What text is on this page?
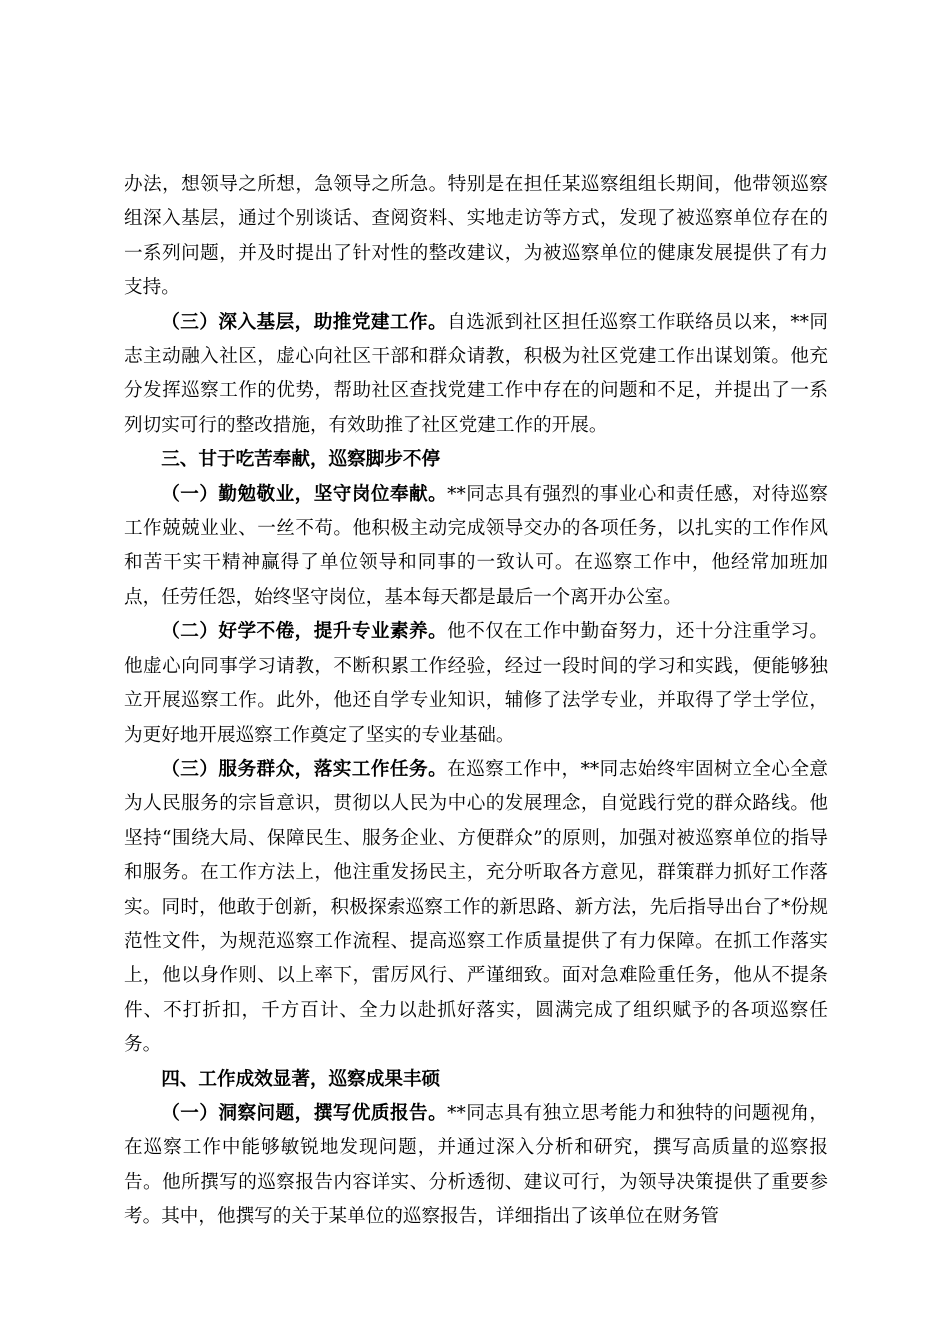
办法，想领导之所想，急领导之所急。特别是在担任某巡察组组长期间，他带领巡察组深入基层，通过个别谈话、查阅资料、实地走访等方式，发现了被巡察单位存在的一系列问题，并及时提出了针对性的整改建议，为被巡察单位的健康发展提供了有力支持。

（三）深入基层，助推党建工作。自选派到社区担任巡察工作联络员以来，**同志主动融入社区，虚心向社区干部和群众请教，积极为社区党建工作出谋划策。他充分发挥巡察工作的优势，帮助社区查找党建工作中存在的问题和不足，并提出了一系列切实可行的整改措施，有效助推了社区党建工作的开展。

三、甘于吃苦奉献，巡察脚步不停

（一）勤勉敬业，坚守岗位奉献。**同志具有强烈的事业心和责任感，对待巡察工作兢兢业业、一丝不苟。他积极主动完成领导交办的各项任务，以扎实的工作作风和苦干实干精神赢得了单位领导和同事的一致认可。在巡察工作中，他经常加班加点，任劳任怨，始终坚守岗位，基本每天都是最后一个离开办公室。

（二）好学不倦，提升专业素养。他不仅在工作中勤奋努力，还十分注重学习。他虚心向同事学习请教，不断积累工作经验，经过一段时间的学习和实践，便能够独立开展巡察工作。此外，他还自学专业知识，辅修了法学专业，并取得了学士学位，为更好地开展巡察工作奠定了坚实的专业基础。

（三）服务群众，落实工作任务。在巡察工作中，**同志始终牢固树立全心全意为人民服务的宗旨意识，贯彻以人民为中心的发展理念，自觉践行党的群众路线。他坚持“围绕大局、保障民生、服务企业、方便群众”的原则，加强对被巡察单位的指导和服务。在工作方法上，他注重发扬民主，充分听取各方意见，群策群力抓好工作落实。同时，他敢于创新，积极探索巡察工作的新思路、新方法，先后指导出台了*份规范性文件，为规范巡察工作流程、提高巡察工作质量提供了有力保障。在抓工作落实上，他以身作则、以上率下，雷厉风行、严谨细致。面对急难险重任务，他从不提条件、不打折扣，千方百计、全力以赴抓好落实，圆满完成了组织赋予的各项巡察任务。

四、工作成效显著，巡察成果丰硕

（一）洞察问题，撰写优质报告。**同志具有独立思考能力和独特的问题视角，在巡察工作中能够敏锐地发现问题，并通过深入分析和研究，撰写高质量的巡察报告。他所撰写的巡察报告内容详实、分析透彻、建议可行，为领导决策提供了重要参考。其中，他撰写的关于某单位的巡察报告，详细指出了该单位在财务管
